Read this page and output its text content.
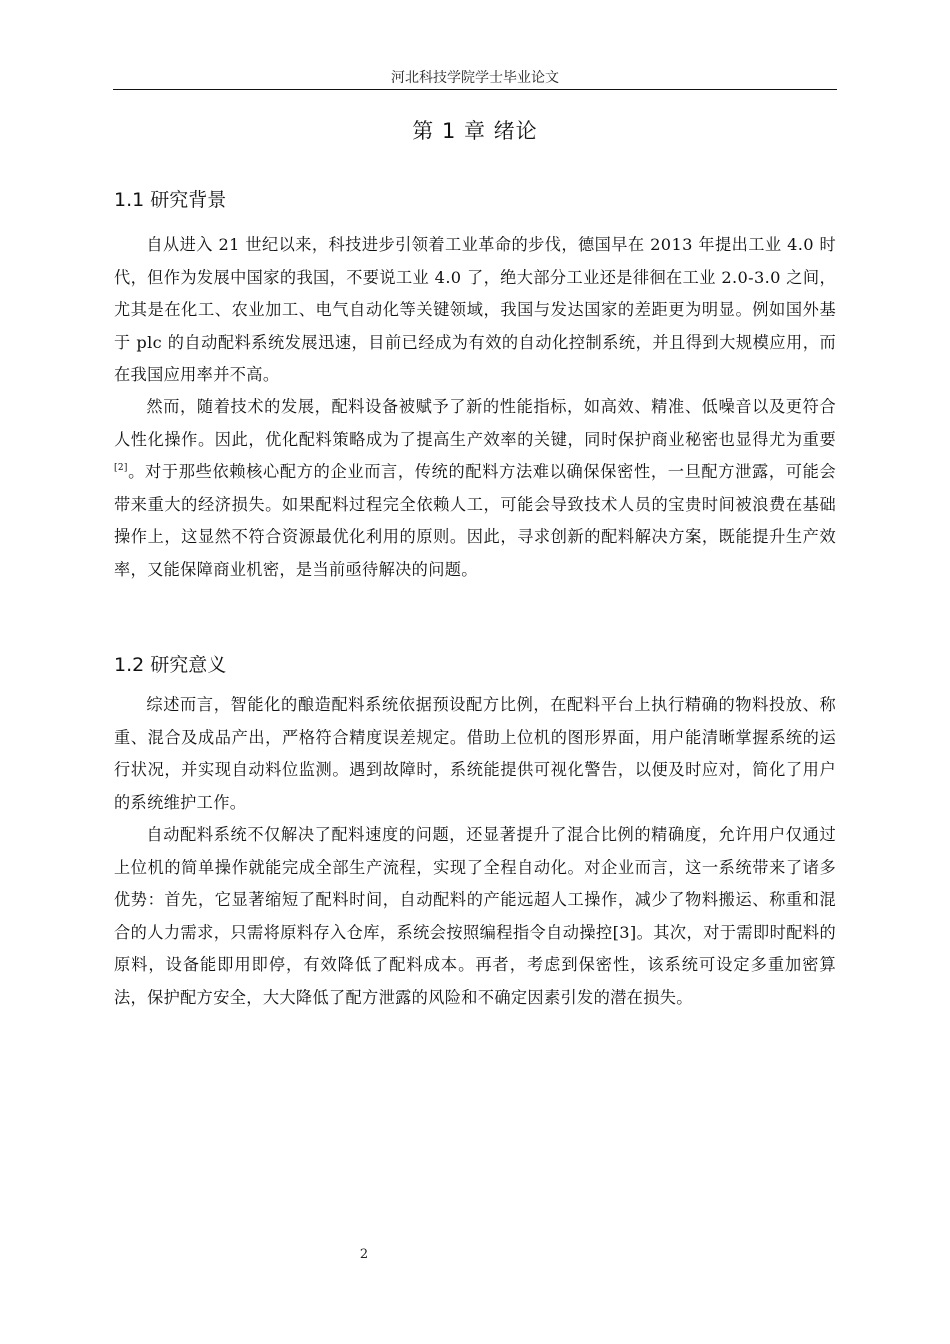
河北科技学院学士毕业论文
第 1 章 绪论
1.1 研究背景

自从进入 21 世纪以来，科技进步引领着工业革命的步伐，德国早在 2013 年提出工业 4.0 时代，但作为发展中国家的我国，不要说工业 4.0 了，绝大部分工业还是徘徊在工业 2.0-3.0 之间，尤其是在化工、农业加工、电气自动化等关键领域，我国与发达国家的差距更为明显。例如国外基于 plc 的自动配料系统发展迅速，目前已经成为有效的自动化控制系统，并且得到大规模应用，而在我国应用率并不高。

然而，随着技术的发展，配料设备被赋予了新的性能指标，如高效、精准、低噪音以及更符合人性化操作。因此，优化配料策略成为了提高生产效率的关键，同时保护商业秘密也显得尤为重要[2]。对于那些依赖核心配方的企业而言，传统的配料方法难以确保保密性，一旦配方泄露，可能会带来重大的经济损失。如果配料过程完全依赖人工，可能会导致技术人员的宝贵时间被浪费在基础操作上，这显然不符合资源最优化利用的原则。因此，寻求创新的配料解决方案，既能提升生产效率，又能保障商业机密，是当前亟待解决的问题。

1.2 研究意义

综述而言，智能化的酿造配料系统依据预设配方比例，在配料平台上执行精确的物料投放、称重、混合及成品产出，严格符合精度误差规定。借助上位机的图形界面，用户能清晰掌握系统的运行状况，并实现自动料位监测。遇到故障时，系统能提供可视化警告，以便及时应对，简化了用户的系统维护工作。

自动配料系统不仅解决了配料速度的问题，还显著提升了混合比例的精确度，允许用户仅通过上位机的简单操作就能完成全部生产流程，实现了全程自动化。对企业而言，这一系统带来了诸多优势：首先，它显著缩短了配料时间，自动配料的产能远超人工操作，减少了物料搬运、称重和混合的人力需求，只需将原料存入仓库，系统会按照编程指令自动操控[3]。其次，对于需即时配料的原料，设备能即用即停，有效降低了配料成本。再者，考虑到保密性，该系统可设定多重加密算法，保护配方安全，大大降低了配方泄露的风险和不确定因素引发的潜在损失。

2
